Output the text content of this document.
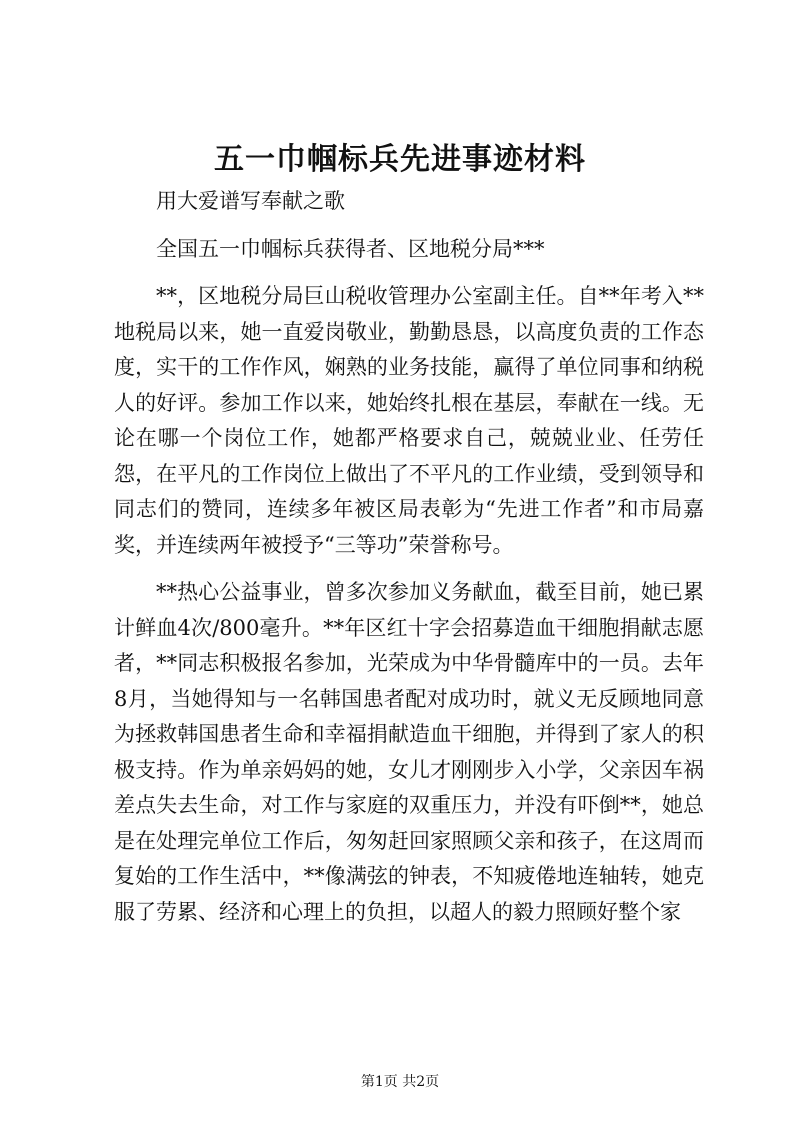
五一巾帼标兵先进事迹材料

用大爱谱写奉献之歌

全国五一巾帼标兵获得者、区地税分局***

**，区地税分局巨山税收管理办公室副主任。自**年考入**地税局以来，她一直爱岗敬业，勤勤恳恳，以高度负责的工作态度，实干的工作作风，娴熟的业务技能，赢得了单位同事和纳税人的好评。参加工作以来，她始终扎根在基层，奉献在一线。无论在哪一个岗位工作，她都严格要求自己，兢兢业业、任劳任怨，在平凡的工作岗位上做出了不平凡的工作业绩，受到领导和同志们的赞同，连续多年被区局表彰为“先进工作者”和市局嘉奖，并连续两年被授予“三等功”荣誉称号。

**热心公益事业，曾多次参加义务献血，截至目前，她已累计鲜血4次/800毫升。**年区红十字会招募造血干细胞捐献志愿者，**同志积极报名参加，光荣成为中华骨髓库中的一员。去年8月，当她得知与一名韩国患者配对成功时，就义无反顾地同意为拯救韩国患者生命和幸福捐献造血干细胞，并得到了家人的积极支持。作为单亲妈妈的她，女儿才刚刚步入小学，父亲因车祸差点失去生命，对工作与家庭的双重压力，并没有吓倒**，她总是在处理完单位工作后，匆匆赶回家照顾父亲和孩子，在这周而复始的工作生活中，**像满弦的钟表，不知疲倦地连轴转，她克服了劳累、经济和心理上的负担，以超人的毅力照顾好整个家

第1页 共2页
